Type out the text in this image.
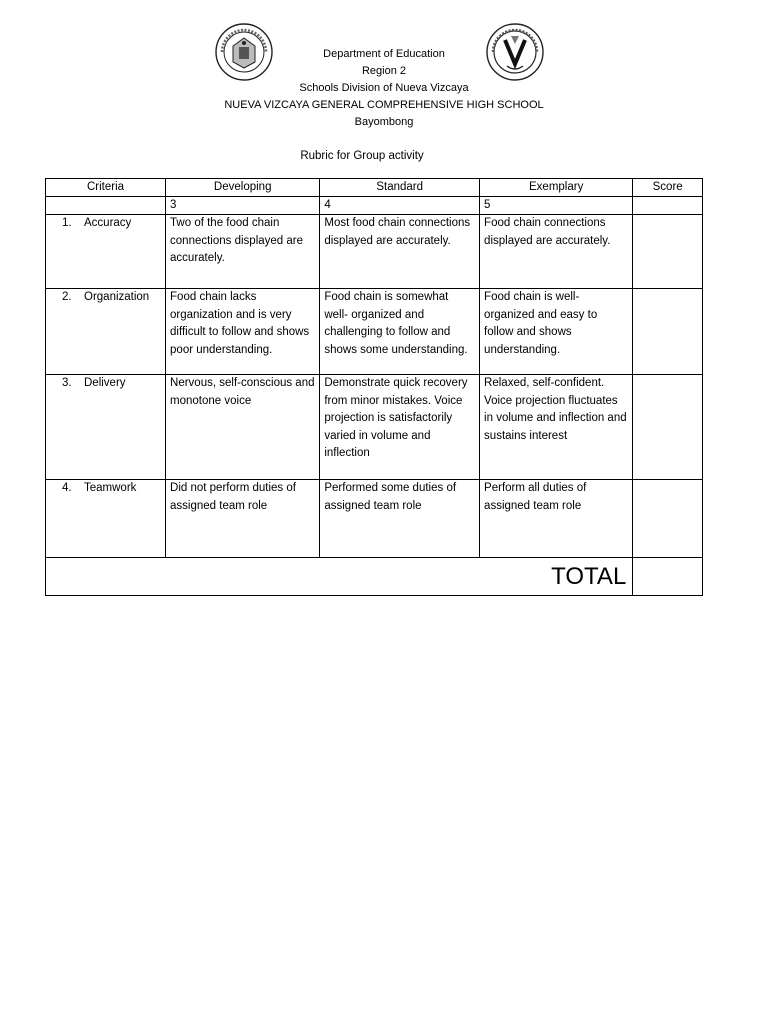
Department of Education
Region 2
Schools Division of Nueva Vizcaya
NUEVA VIZCAYA GENERAL COMPREHENSIVE HIGH SCHOOL
Bayombong
Rubric for Group activity
Criteria	Developing	Standard	Exemplary	Score
	3	4	5	
1. Accuracy	Two of the food chain connections displayed are accurately.	Most food chain connections displayed are accurately.	Food chain connections displayed are accurately.	
2. Organization	Food chain lacks organization and is very difficult to follow and shows poor understanding.	Food chain is somewhat well- organized and challenging to follow and shows some understanding.	Food chain is well-organized and easy to follow and shows understanding.	
3. Delivery	Nervous, self-conscious and monotone voice	Demonstrate quick recovery from minor mistakes. Voice projection is satisfactorily varied in volume and inflection	Relaxed, self-confident. Voice projection fluctuates in volume and inflection and sustains interest	
4. Teamwork	Did not perform duties of assigned team role	Performed some duties of assigned team role	Perform all duties of assigned team role	
TOTAL				
